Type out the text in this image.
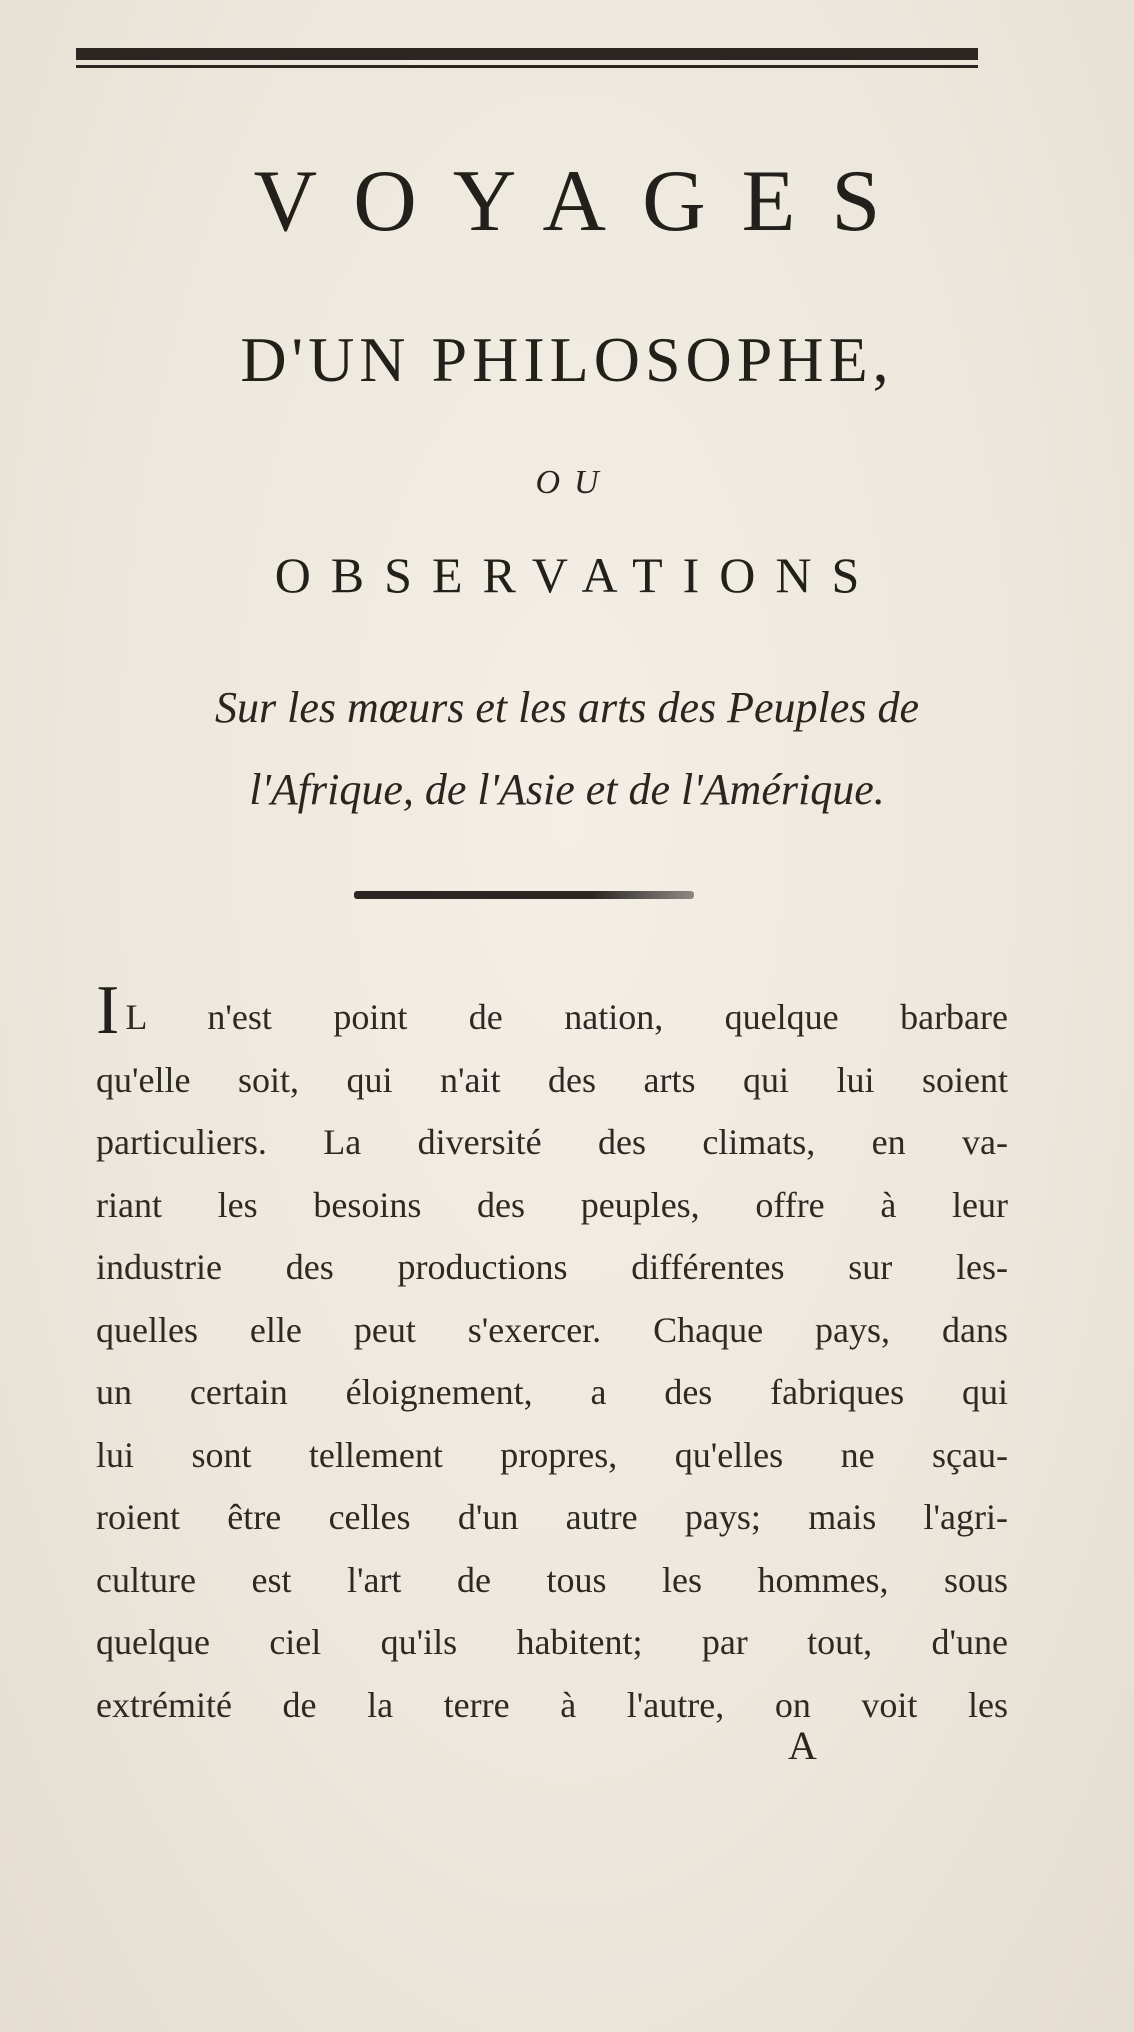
VOYAGES
D'UN PHILOSOPHE,
OU
OBSERVATIONS
Sur les mœurs et les arts des Peuples de
l'Afrique, de l'Asie et de l'Amérique.
I L n'est point de nation, quelque barbare
qu'elle soit, qui n'ait des arts qui lui soient
particuliers. La diversité des climats, en va-
riant les besoins des peuples, offre à leur
industrie des productions différentes sur les-
quelles elle peut s'exercer. Chaque pays, dans
un certain éloignement, a des fabriques qui
lui sont tellement propres, qu'elles ne sçau-
roient être celles d'un autre pays; mais l'agri-
culture est l'art de tous les hommes, sous
quelque ciel qu'ils habitent; par tout, d'une
extrémité de la terre à l'autre, on voit les
A
